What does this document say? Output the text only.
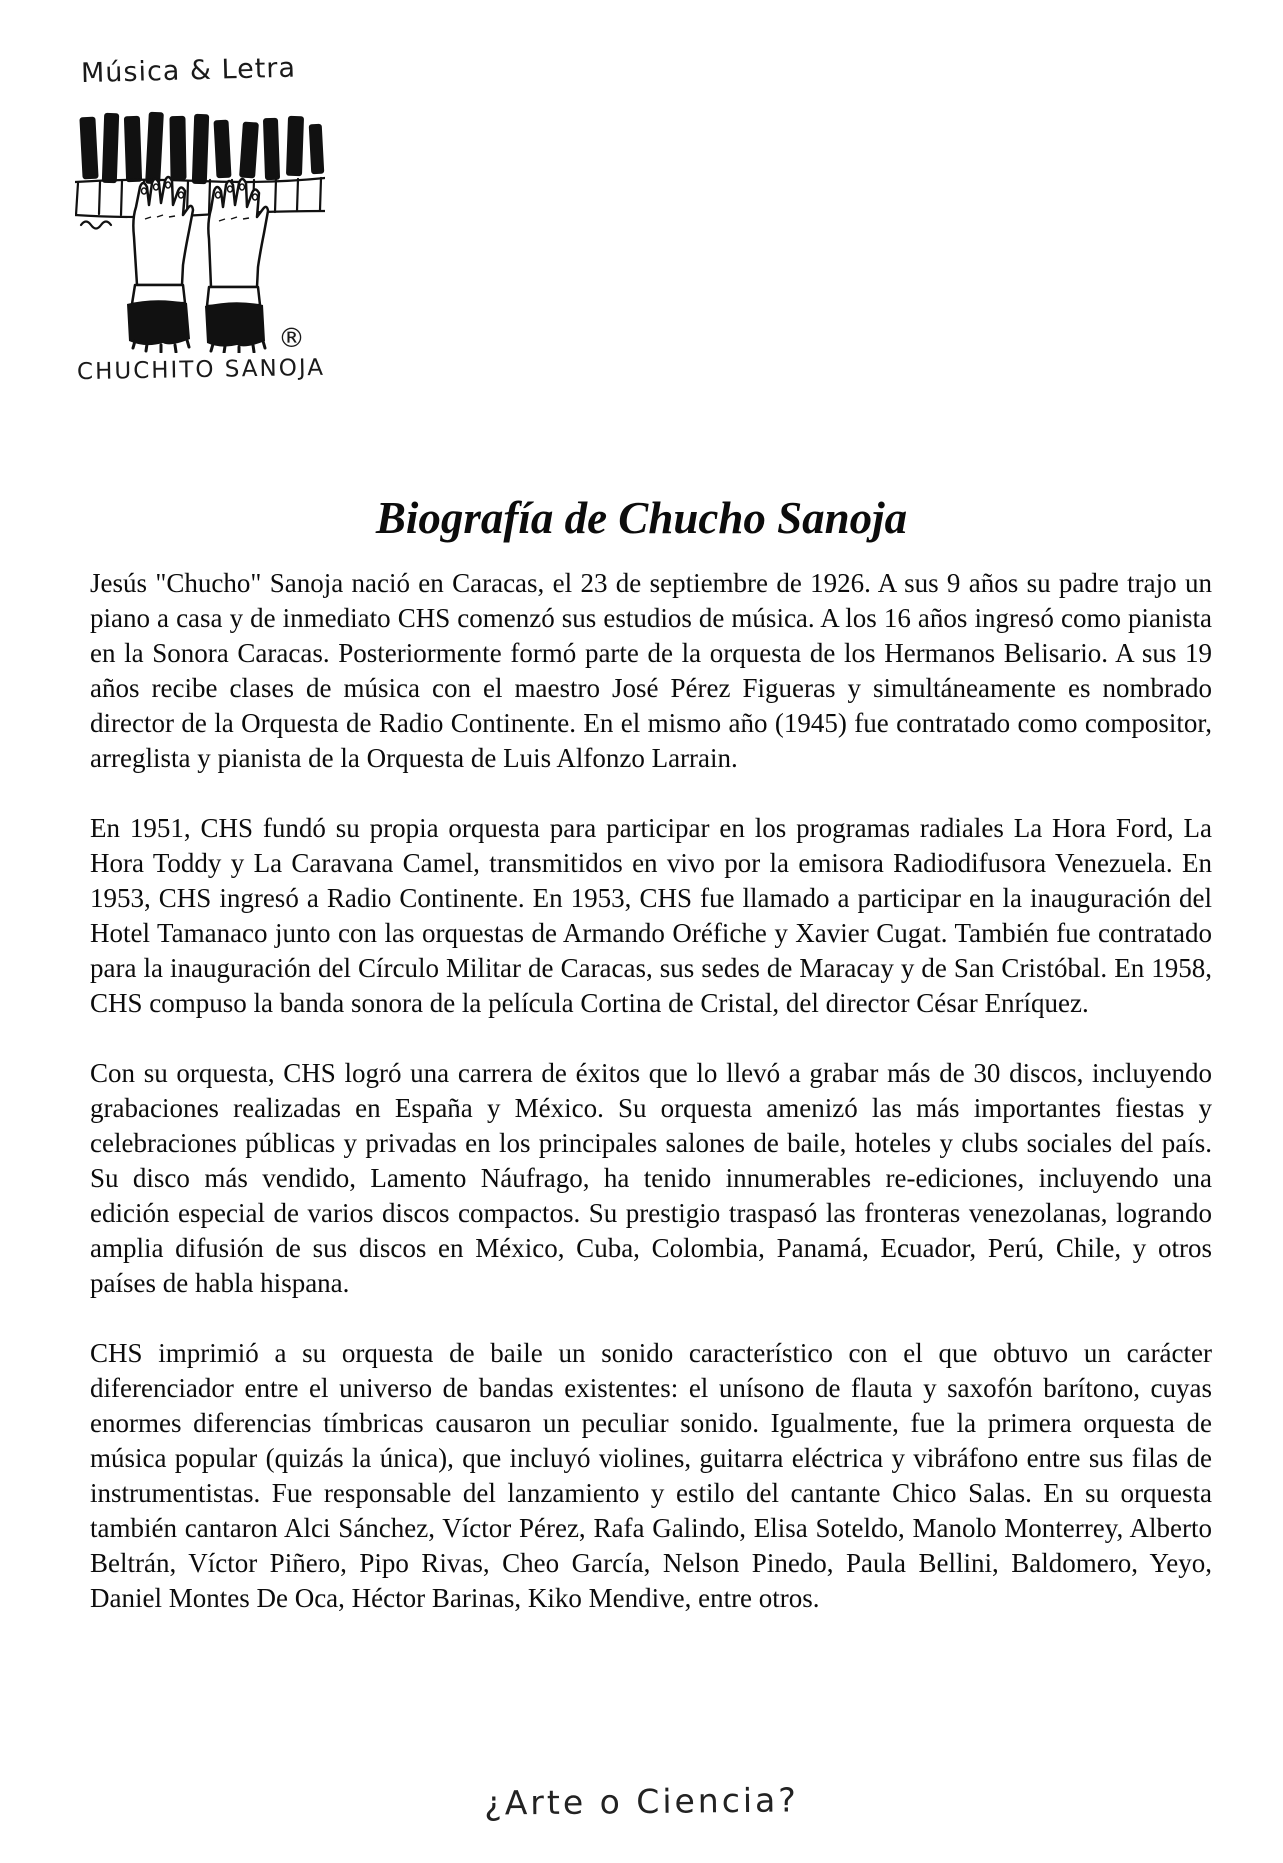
Música & Letra
®
CHUCHITO SANOJA
Biografía de Chucho Sanoja

Jesús "Chucho" Sanoja nació en Caracas, el 23 de septiembre de 1926. A sus 9 años su padre trajo un piano a casa y de inmediato CHS comenzó sus estudios de música. A los 16 años ingresó como pianista en la Sonora Caracas. Posteriormente formó parte de la orquesta de los Hermanos Belisario. A sus 19 años recibe clases de música con el maestro José Pérez Figueras y simultáneamente es nombrado director de la Orquesta de Radio Continente. En el mismo año (1945) fue contratado como compositor, arreglista y pianista de la Orquesta de Luis Alfonzo Larrain.

En 1951, CHS fundó su propia orquesta para participar en los programas radiales La Hora Ford, La Hora Toddy y La Caravana Camel, transmitidos en vivo por la emisora Radiodifusora Venezuela. En 1953, CHS ingresó a Radio Continente. En 1953, CHS fue llamado a participar en la inauguración del Hotel Tamanaco junto con las orquestas de Armando Oréfiche y Xavier Cugat. También fue contratado para la inauguración del Círculo Militar de Caracas, sus sedes de Maracay y de San Cristóbal. En 1958, CHS compuso la banda sonora de la película Cortina de Cristal, del director César Enríquez.

Con su orquesta, CHS logró una carrera de éxitos que lo llevó a grabar más de 30 discos, incluyendo grabaciones realizadas en España y México. Su orquesta amenizó las más importantes fiestas y celebraciones públicas y privadas en los principales salones de baile, hoteles y clubs sociales del país. Su disco más vendido, Lamento Náufrago, ha tenido innumerables re-ediciones, incluyendo una edición especial de varios discos compactos. Su prestigio traspasó las fronteras venezolanas, logrando amplia difusión de sus discos en México, Cuba, Colombia, Panamá, Ecuador, Perú, Chile, y otros países de habla hispana.

CHS imprimió a su orquesta de baile un sonido característico con el que obtuvo un carácter diferenciador entre el universo de bandas existentes: el unísono de flauta y saxofón barítono, cuyas enormes diferencias tímbricas causaron un peculiar sonido. Igualmente, fue la primera orquesta de música popular (quizás la única), que incluyó violines, guitarra eléctrica y vibráfono entre sus filas de instrumentistas. Fue responsable del lanzamiento y estilo del cantante Chico Salas. En su orquesta también cantaron Alci Sánchez, Víctor Pérez, Rafa Galindo, Elisa Soteldo, Manolo Monterrey, Alberto Beltrán, Víctor Piñero, Pipo Rivas, Cheo García, Nelson Pinedo, Paula Bellini, Baldomero, Yeyo, Daniel Montes De Oca, Héctor Barinas, Kiko Mendive, entre otros.

¿Arte o Ciencia?
